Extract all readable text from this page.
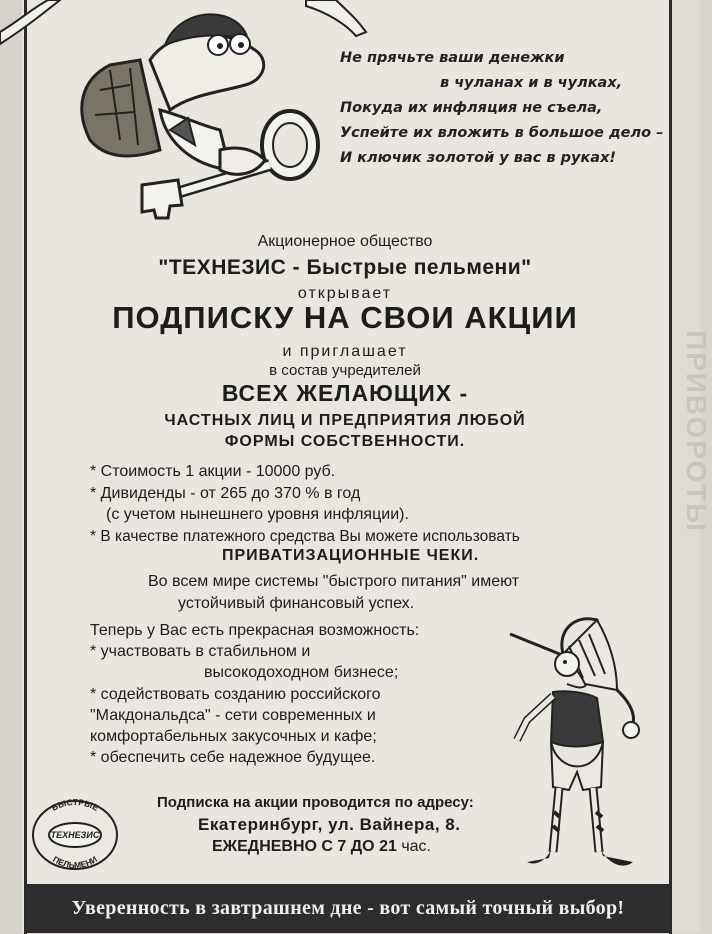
ПРИВОРОТЫ
Не прячьте ваши денежки
в чуланах и в чулках,
Покуда их инфляция не съела,
Успейте их вложить в большое дело –
И ключик золотой у вас в руках!
Акционерное общество
"ТЕХНЕЗИС - Быстрые пельмени"
открывает
ПОДПИСКУ НА СВОИ АКЦИИ
и приглашает
в состав учредителей
ВСЕХ ЖЕЛАЮЩИХ -
ЧАСТНЫХ ЛИЦ И ПРЕДПРИЯТИЯ ЛЮБОЙ
ФОРМЫ СОБСТВЕННОСТИ.
* Стоимость 1 акции - 10000 руб.
* Дивиденды - от 265 до 370 % в год
(с учетом нынешнего уровня инфляции).
* В качестве платежного средства Вы можете использовать
ПРИВАТИЗАЦИОННЫЕ ЧЕКИ.
Во всем мире системы "быстрого питания" имеют
устойчивый финансовый успех.
Теперь у Вас есть прекрасная возможность:
* участвовать в стабильном и
высокодоходном бизнесе;
* содействовать созданию российского
"Макдональдса" - сети современных и
комфортабельных закусочных и кафе;
* обеспечить себе надежное будущее.
Подписка на акции проводится по адресу:
Екатеринбург, ул. Вайнера, 8.
ЕЖЕДНЕВНО С 7 ДО 21 час.
БЫСТРЫЕ
ТЕХНЕЗИС
ПЕЛЬМЕНИ
Уверенность в завтрашнем дне - вот самый точный выбор!
